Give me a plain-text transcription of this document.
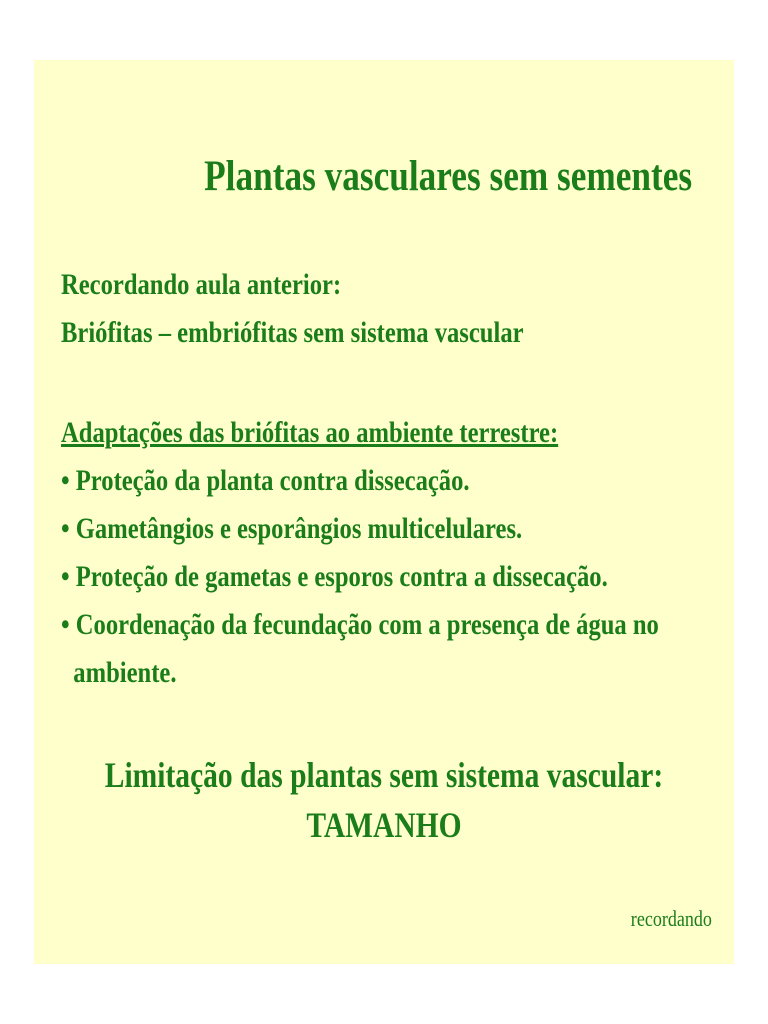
Plantas vasculares sem sementes
Recordando aula anterior:
Briófitas – embriófitas sem sistema vascular
Adaptações das briófitas ao ambiente terrestre:
• Proteção da planta contra dissecação.
• Gametângios e esporângios multicelulares.
• Proteção de gametas e esporos contra a dissecação.
• Coordenação da fecundação com a presença de água no
ambiente.
Limitação das plantas sem sistema vascular:
TAMANHO
recordando
